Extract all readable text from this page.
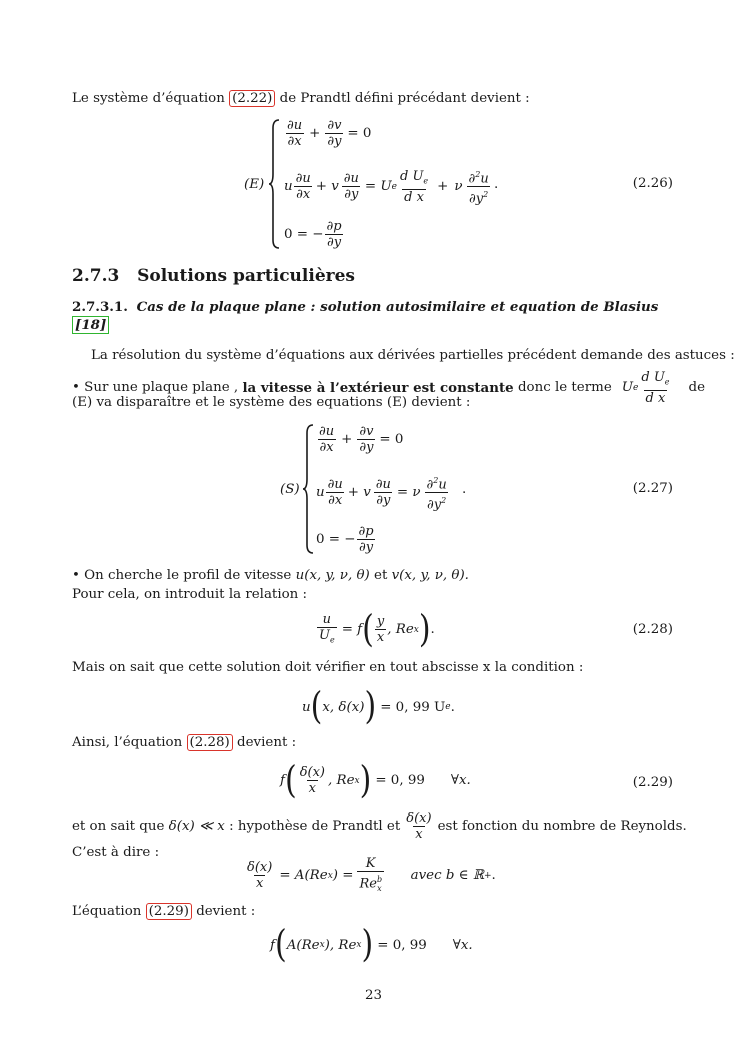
Le système d’équation (2.22) de Prandtl défini précédant devient :
(E)
$\frac{\partial u}{\partial x} + \frac{\partial v}{\partial y} = 0$
u $\frac{\partial u}{\partial x} + v \frac{\partial u}{\partial y} = U$ e $\frac{d U_e}{\text{d x}} + \nu \frac{\partial^2u}{\partial y^2}$ .
0 = − $\frac{\partial p}{\partial y}$
(2.26)
2.7.3 Solutions particulières
2.7.3.1. Cas de la plaque plane : solution autosimilaire et equation de Blasius [18]
La résolution du système d’équations aux dérivées partielles précédent demande des astuces :
•
Sur une plaque plane ,
la vitesse à l’extérieur est constante
donc le terme U e $\frac{d U_e}{\text{d x}}$ de
(E) va disparaître et le système des equations (E) devient :
(S)
$\frac{\partial u}{\partial x} + \frac{\partial v}{\partial y} = 0$
u $\frac{\partial u}{\partial x} + v \frac{\partial u}{\partial y} = \nu \frac{\partial^2u}{\partial y^2}$ .
0 = − $\frac{\partial p}{\partial y}$
(2.27)
• On cherche le profil de vitesse u(x, y, ν, θ) et v(x, y, ν, θ).
Pour cela, on introduit la relation :
$\frac{u}{U_e} = f$ ( $\frac{y}{x}$ , Re x ) .	(2.28)
Mais on sait que cette solution doit vérifier en tout abscisse x la condition :
u ( x, δ(x) ) = 0, 99 U e .
Ainsi, l’équation (2.28) devient :
f ( $\frac{\delta(x)}{x}$ , Re x ) = 0, 99 ∀x.	(2.29)
et on sait que
δ(x) ≪ x
: hypothèse de Prandtl et $\frac{\delta(x)}{x}$ est fonction du nombre de Reynolds.
C’est à dire :
$\frac{\delta(x)}{x} = A(Re$ x ) = $\frac{K}{Re^b_x}$ avec b ∈ ℝ + .
L’équation (2.29) devient :
f ( A(Re x ), Re x ) = 0, 99 ∀x.
23
